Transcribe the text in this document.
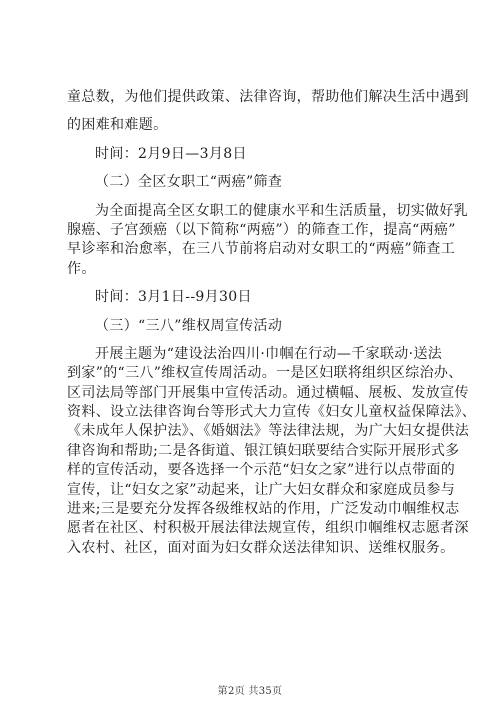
童总数，为他们提供政策、法律咨询，帮助他们解决生活中遇到
的困难和难题。
时间：2月9日—3月8日
（二）全区女职工“两癌”筛查
为全面提高全区女职工的健康水平和生活质量，切实做好乳
腺癌、子宫颈癌（以下简称“两癌”）的筛查工作，提高“两癌”
早诊率和治愈率，在三八节前将启动对女职工的“两癌”筛查工
作。
时间：3月1日--9月30日
（三）“三八”维权周宣传活动
开展主题为“建设法治四川·巾帼在行动—千家联动·送法
到家”的“三八”维权宣传周活动。一是区妇联将组织区综治办、
区司法局等部门开展集中宣传活动。通过横幅、展板、发放宣传
资料、设立法律咨询台等形式大力宣传《妇女儿童权益保障法》、
《未成年人保护法》、《婚姻法》等法律法规，为广大妇女提供法
律咨询和帮助;二是各街道、银江镇妇联要结合实际开展形式多
样的宣传活动，要各选择一个示范“妇女之家”进行以点带面的
宣传，让“妇女之家”动起来，让广大妇女群众和家庭成员参与
进来;三是要充分发挥各级维权站的作用，广泛发动巾帼维权志
愿者在社区、村积极开展法律法规宣传，组织巾帼维权志愿者深
入农村、社区，面对面为妇女群众送法律知识、送维权服务。
第2页 共35页
